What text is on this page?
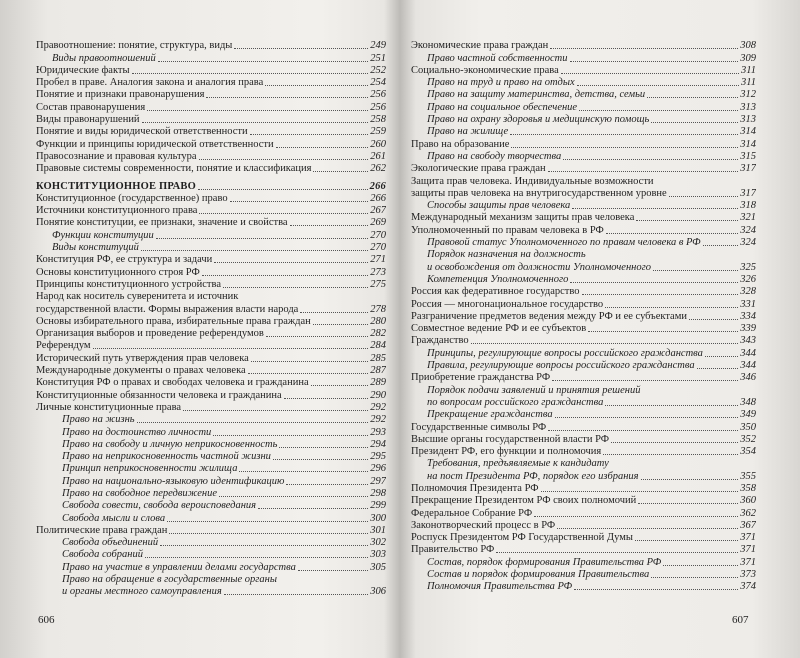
Правоотношение: понятие, структура, виды	249
Виды правоотношений	251
Юридические факты	252
Пробел в праве. Аналогия закона и аналогия права	254
Понятие и признаки правонарушения	256
Состав правонарушения	256
Виды правонарушений	258
Понятие и виды юридической ответственности	259
Функции и принципы юридической ответственности	260
Правосознание и правовая культура	261
Правовые системы современности, понятие и классификация	262
КОНСТИТУЦИОННОЕ ПРАВО	266
Конституционное (государственное) право	266
Источники конституционного права	267
Понятие конституции, ее признаки, значение и свойства	269
Функции конституции	270
Виды конституций	270
Конституция РФ, ее структура и задачи	271
Основы конституционного строя РФ	273
Принципы конституционного устройства	275
Народ как носитель суверенитета и источник
государственной власти. Формы выражения власти народа	278
Основы избирательного права, избирательные права граждан	280
Организация выборов и проведение референдумов	282
Референдум	284
Исторический путь утверждения прав человека	285
Международные документы о правах человека	287
Конституция РФ о правах и свободах человека и гражданина	289
Конституционные обязанности человека и гражданина	290
Личные конституционные права	292
Право на жизнь	292
Право на достоинство личности	293
Право на свободу и личную неприкосновенность	294
Право на неприкосновенность частной жизни	295
Принцип неприкосновенности жилища	296
Право на национально-языковую идентификацию	297
Право на свободное передвижение	298
Свобода совести, свобода вероисповедания	299
Свобода мысли и слова	300
Политические права граждан	301
Свобода объединений	302
Свобода собраний	303
Право на участие в управлении делами государства	305
Право на обращение в государственные органы
и органы местного самоуправления	306
Экономические права граждан	308
Право частной собственности	309
Социально-экономические права	311
Право на труд и право на отдых	311
Право на защиту материнства, детства, семьи	312
Право на социальное обеспечение	313
Право на охрану здоровья и медицинскую помощь	313
Право на жилище	314
Право на образование	314
Право на свободу творчества	315
Экологические права граждан	317
Защита прав человека. Индивидуальные возможности
защиты прав человека на внутригосударственном уровне	317
Способы защиты прав человека	318
Международный механизм защиты прав человека	321
Уполномоченный по правам человека в РФ	324
Правовой статус Уполномоченного по правам человека в РФ	324
Порядок назначения на должность
и освобождения от должности Уполномоченного	325
Компетенция Уполномоченного	326
Россия как федеративное государство	328
Россия — многонациональное государство	331
Разграничение предметов ведения между РФ и ее субъектами	334
Совместное ведение РФ и ее субъектов	339
Гражданство	343
Принципы, регулирующие вопросы российского гражданства	344
Правила, регулирующие вопросы российского гражданства	344
Приобретение гражданства РФ	346
Порядок подачи заявлений и принятия решений
по вопросам российского гражданства	348
Прекращение гражданства	349
Государственные символы РФ	350
Высшие органы государственной власти РФ	352
Президент РФ, его функции и полномочия	354
Требования, предъявляемые к кандидату
на пост Президента РФ, порядок его избрания	355
Полномочия Президента РФ	358
Прекращение Президентом РФ своих полномочий	360
Федеральное Собрание РФ	362
Законотворческий процесс в РФ	367
Роспуск Президентом РФ Государственной Думы	371
Правительство РФ	371
Состав, порядок формирования Правительства РФ	371
Состав и порядок формирования Правительства	373
Полномочия Правительства РФ	374
606	607
